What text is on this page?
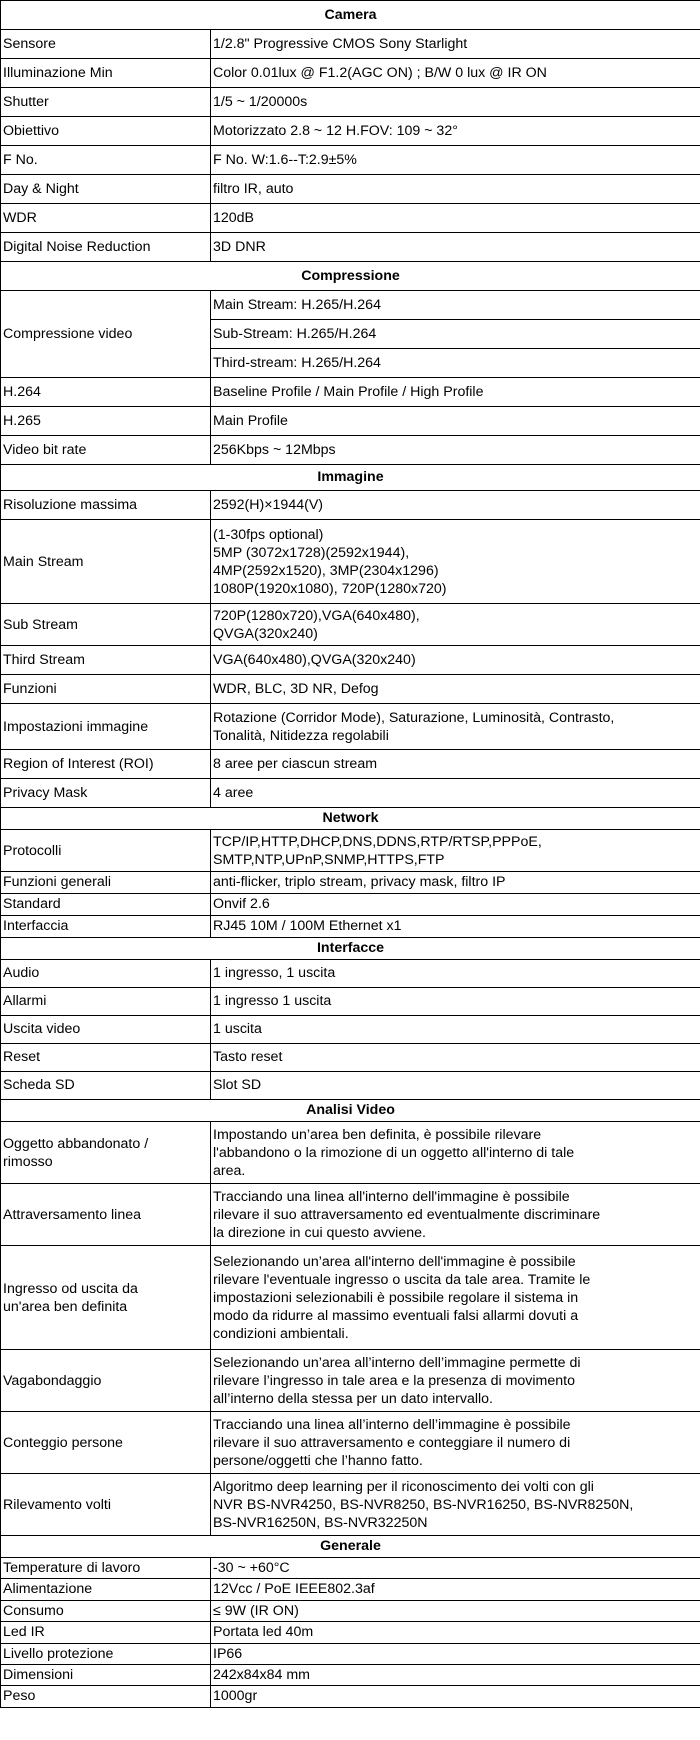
Camera	
Sensore	1/2.8" Progressive CMOS Sony Starlight
Illuminazione Min	Color 0.01lux @ F1.2(AGC ON) ; B/W 0 lux @ IR ON
Shutter	1/5 ~ 1/20000s
Obiettivo	Motorizzato 2.8 ~ 12 H.FOV: 109 ~ 32°
F No.	F No. W:1.6--T:2.9±5%
Day & Night	filtro IR, auto
WDR	120dB
Digital Noise Reduction	3D DNR
Compressione	
Compressione video	Main Stream: H.265/H.264
	Sub-Stream: H.265/H.264
	Third-stream: H.265/H.264
H.264	Baseline Profile / Main Profile / High Profile
H.265	Main Profile
Video bit rate	256Kbps ~ 12Mbps
Immagine	
Risoluzione massima	2592(H)×1944(V)
Main Stream	(1-30fps optional)
5MP (3072x1728)(2592x1944),
4MP(2592x1520), 3MP(2304x1296)
1080P(1920x1080), 720P(1280x720)
Sub Stream	720P(1280x720),VGA(640x480),
QVGA(320x240)
Third Stream	VGA(640x480),QVGA(320x240)
Funzioni	WDR, BLC, 3D NR, Defog
Impostazioni immagine	Rotazione (Corridor Mode), Saturazione, Luminosità, Contrasto,
Tonalità, Nitidezza regolabili
Region of Interest (ROI)	8 aree per ciascun stream
Privacy Mask	4 aree
Network	
Protocolli	TCP/IP,HTTP,DHCP,DNS,DDNS,RTP/RTSP,PPPoE,
SMTP,NTP,UPnP,SNMP,HTTPS,FTP
Funzioni generali	anti-flicker, triplo stream, privacy mask, filtro IP
Standard	Onvif 2.6
Interfaccia	RJ45 10M / 100M Ethernet x1
Interfacce	
Audio	1 ingresso, 1 uscita
Allarmi	1 ingresso 1 uscita
Uscita video	1 uscita
Reset	Tasto reset
Scheda SD	Slot SD
Analisi Video	
Oggetto abbandonato /
rimosso	Impostando un’area ben definita, è possibile rilevare
l'abbandono o la rimozione di un oggetto all'interno di tale
area.
Attraversamento linea	Tracciando una linea all'interno dell'immagine è possibile
rilevare il suo attraversamento ed eventualmente discriminare
la direzione in cui questo avviene.
Ingresso od uscita da
un'area ben definita	Selezionando un’area all'interno dell'immagine è possibile
rilevare l'eventuale ingresso o uscita da tale area. Tramite le
impostazioni selezionabili è possibile regolare il sistema in
modo da ridurre al massimo eventuali falsi allarmi dovuti a
condizioni ambientali.
Vagabondaggio	Selezionando un’area all’interno dell’immagine permette di
rilevare l’ingresso in tale area e la presenza di movimento
all’interno della stessa per un dato intervallo.
Conteggio persone	Tracciando una linea all’interno dell’immagine è possibile
rilevare il suo attraversamento e conteggiare il numero di
persone/oggetti che l’hanno fatto.
Rilevamento volti	Algoritmo deep learning per il riconoscimento dei volti con gli
NVR BS-NVR4250, BS-NVR8250, BS-NVR16250, BS-NVR8250N,
BS-NVR16250N, BS-NVR32250N
Generale	
Temperature di lavoro	-30 ~ +60°C
Alimentazione	12Vcc / PoE IEEE802.3af
Consumo	≤ 9W (IR ON)
Led IR	Portata led 40m
Livello protezione	IP66
Dimensioni	242x84x84 mm
Peso	1000gr
